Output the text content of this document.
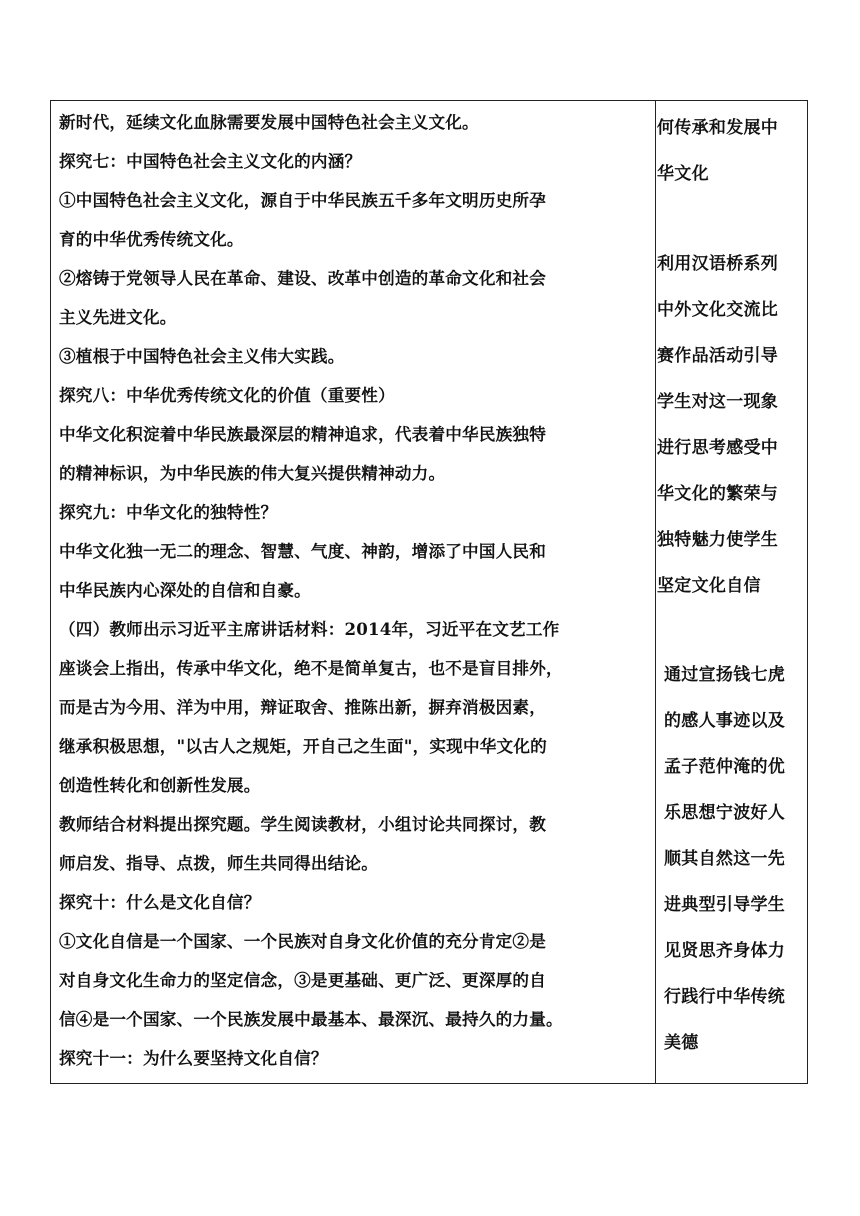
新时代，延续文化血脉需要发展中国特色社会主义文化。
探究七：中国特色社会主义文化的内涵？
①中国特色社会主义文化，源自于中华民族五千多年文明历史所孕
育的中华优秀传统文化。
②熔铸于党领导人民在革命、建设、改革中创造的革命文化和社会
主义先进文化。
③植根于中国特色社会主义伟大实践。
探究八：中华优秀传统文化的价值（重要性）
中华文化积淀着中华民族最深层的精神追求，代表着中华民族独特
的精神标识，为中华民族的伟大复兴提供精神动力。
探究九：中华文化的独特性？
中华文化独一无二的理念、智慧、气度、神韵，增添了中国人民和
中华民族内心深处的自信和自豪。
（四）教师出示习近平主席讲话材料：2014年，习近平在文艺工作
座谈会上指出，传承中华文化，绝不是简单复古，也不是盲目排外，
而是古为今用、洋为中用，辩证取舍、推陈出新，摒弃消极因素，
继承积极思想，"以古人之规矩，开自己之生面"，实现中华文化的
创造性转化和创新性发展。
教师结合材料提出探究题。学生阅读教材，小组讨论共同探讨，教
师启发、指导、点拨，师生共同得出结论。
探究十：什么是文化自信？
①文化自信是一个国家、一个民族对自身文化价值的充分肯定②是
对自身文化生命力的坚定信念，③是更基础、更广泛、更深厚的自
信④是一个国家、一个民族发展中最基本、最深沉、最持久的力量。
探究十一：为什么要坚持文化自信？
何传承和发展中
华文化
利用汉语桥系列
中外文化交流比
赛作品活动引导
学生对这一现象
进行思考感受中
华文化的繁荣与
独特魅力使学生
坚定文化自信
通过宣扬钱七虎
的感人事迹以及
孟子范仲淹的优
乐思想宁波好人
顺其自然这一先
进典型引导学生
见贤思齐身体力
行践行中华传统
美德
